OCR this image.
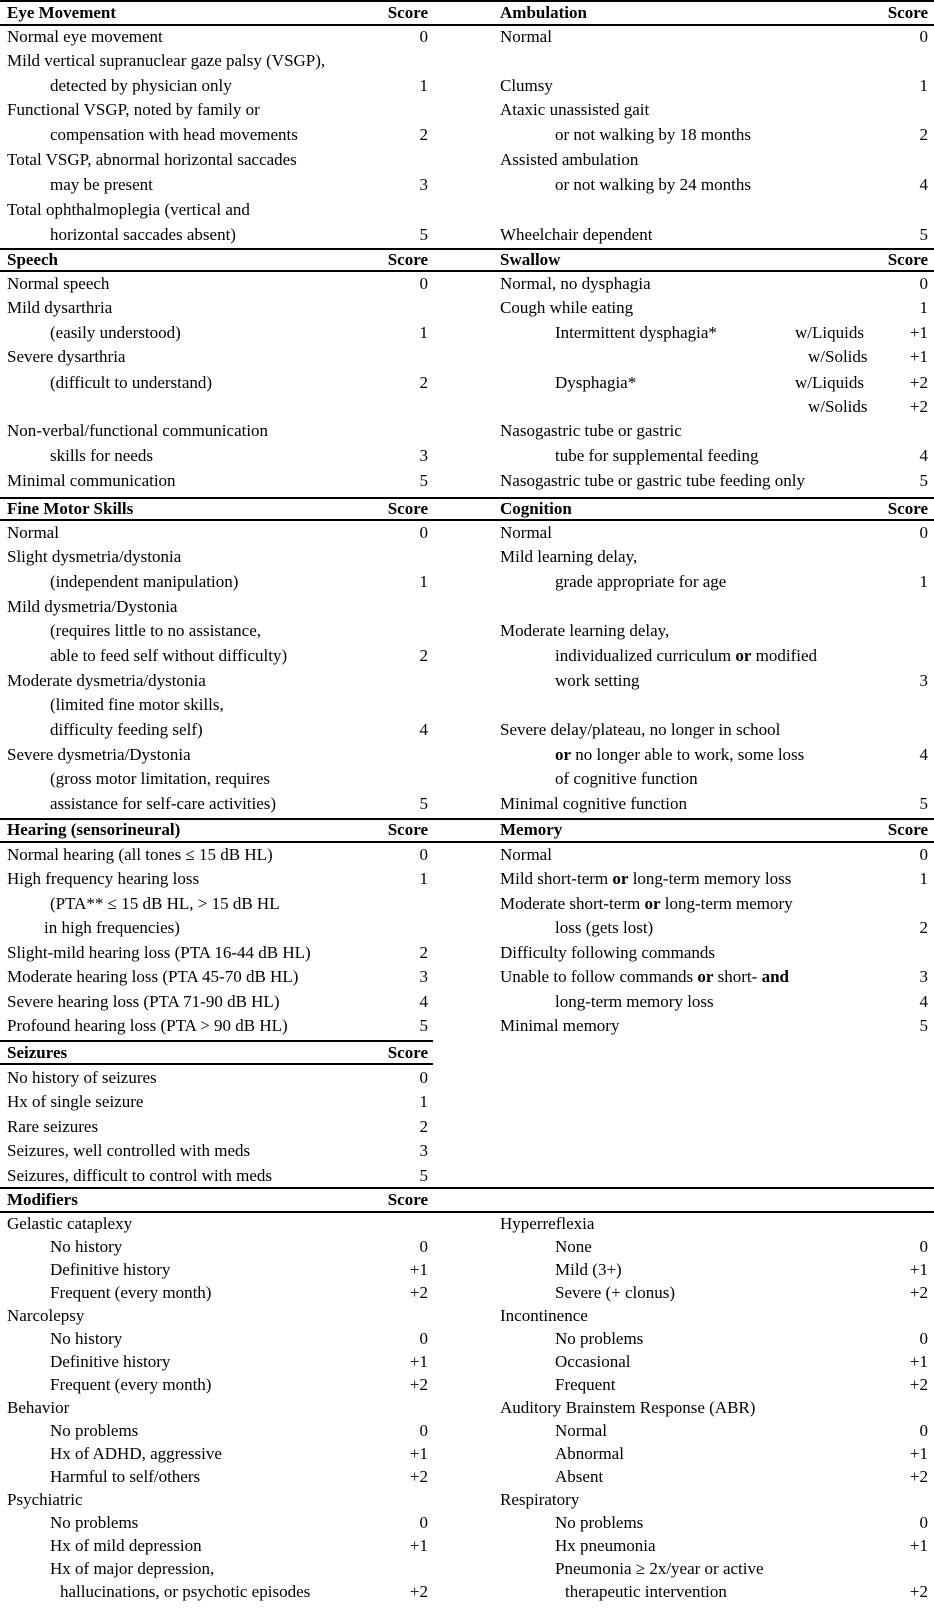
Eye Movement	Score
Normal eye movement	0
Mild vertical supranuclear gaze palsy (VSGP),
detected by physician only	1
Functional VSGP, noted by family or
compensation with head movements	2
Total VSGP, abnormal horizontal saccades
may be present	3
Total ophthalmoplegia (vertical and
horizontal saccades absent)	5
Ambulation	Score
Normal	0
Clumsy	1
Ataxic unassisted gait
or not walking by 18 months	2
Assisted ambulation
or not walking by 24 months	4
Wheelchair dependent	5
Speech	Score
Normal speech	0
Mild dysarthria
(easily understood)	1
Severe dysarthria
(difficult to understand)	2
Non-verbal/functional communication
skills for needs	3
Minimal communication	5
Swallow	Score
Normal, no dysphagia	0
Cough while eating	1
Intermittent dysphagia*	w/Liquids	+1
w/Solids	+1
Dysphagia*	w/Liquids	+2
w/Solids	+2
Nasogastric tube or gastric
tube for supplemental feeding	4
Nasogastric tube or gastric tube feeding only	5
Fine Motor Skills	Score
Normal	0
Slight dysmetria/dystonia
(independent manipulation)	1
Mild dysmetria/Dystonia
(requires little to no assistance,
able to feed self without difficulty)	2
Moderate dysmetria/dystonia
(limited fine motor skills,
difficulty feeding self)	4
Severe dysmetria/Dystonia
(gross motor limitation, requires
assistance for self-care activities)	5
Cognition	Score
Normal	0
Mild learning delay,
grade appropriate for age	1
Moderate learning delay,
individualized curriculum or modified
work setting	3
Severe delay/plateau, no longer in school
or no longer able to work, some loss	4
of cognitive function
Minimal cognitive function	5
Hearing (sensorineural)	Score
Normal hearing (all tones ≤ 15 dB HL)	0
High frequency hearing loss	1
(PTA** ≤ 15 dB HL, > 15 dB HL
in high frequencies)
Slight-mild hearing loss (PTA 16-44 dB HL)	2
Moderate hearing loss (PTA 45-70 dB HL)	3
Severe hearing loss (PTA 71-90 dB HL)	4
Profound hearing loss (PTA > 90 dB HL)	5
Memory	Score
Normal	0
Mild short-term or long-term memory loss	1
Moderate short-term or long-term memory
loss (gets lost)	2
Difficulty following commands
Unable to follow commands or short- and	3
long-term memory loss	4
Minimal memory	5
Seizures	Score
No history of seizures	0
Hx of single seizure	1
Rare seizures	2
Seizures, well controlled with meds	3
Seizures, difficult to control with meds	5
Modifiers	Score
Gelastic cataplexy
No history	0
Definitive history	+1
Frequent (every month)	+2
Narcolepsy
No history	0
Definitive history	+1
Frequent (every month)	+2
Behavior
No problems	0
Hx of ADHD, aggressive	+1
Harmful to self/others	+2
Psychiatric
No problems	0
Hx of mild depression	+1
Hx of major depression,
hallucinations, or psychotic episodes	+2
Hyperreflexia
None	0
Mild (3+)	+1
Severe (+ clonus)	+2
Incontinence
No problems	0
Occasional	+1
Frequent	+2
Auditory Brainstem Response (ABR)
Normal	0
Abnormal	+1
Absent	+2
Respiratory
No problems	0
Hx pneumonia	+1
Pneumonia ≥ 2x/year or active
therapeutic intervention	+2
